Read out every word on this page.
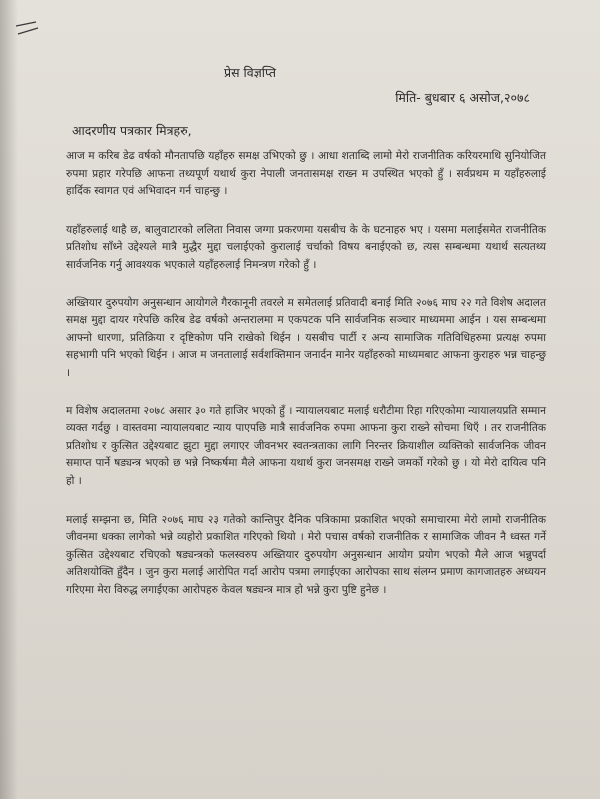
प्रेस विज्ञप्ति
मिति- बुधबार ६ असोज,२०७८
आदरणीय पत्रकार मित्रहरु,

आज म करिब डेढ वर्षको मौनतापछि यहाँहरु समक्ष उभिएको छु । आधा शताब्दि लामो मेरो राजनीतिक करियरमाथि सुनियोजित रुपमा प्रहार गरेपछि आफना तथ्यपूर्ण यथार्थ कुरा नेपाली जनतासमक्ष राख्न म उपस्थित भएको हुँ । सर्वप्रथम म यहाँहरुलाई हार्दिक स्वागत एवं अभिवादन गर्न चाहन्छु ।

यहाँहरुलाई थाहै छ, बालुवाटारको ललिता निवास जग्गा प्रकरणमा यसबीच के के घटनाहरु भए । यसमा मलाईसमेत राजनीतिक प्रतिशोध साँध्ने उद्देश्यले मात्रै मुद्धैर मुद्दा चलाईएको कुरालाई चर्चाको विषय बनाईएको छ, त्यस सम्बन्धमा यथार्थ सत्यतथ्य सार्वजनिक गर्नु आवश्यक भएकाले यहाँहरुलाई निमन्त्रण गरेको हुँ ।

अख्तियार दुरुपयोग अनुसन्धान आयोगले गैरकानूनी तवरले म समेतलाई प्रतिवादी बनाई मिति २०७६ माघ २२ गते विशेष अदालत समक्ष मुद्दा दायर गरेपछि करिब डेढ वर्षको अन्तरालमा म एकपटक पनि सार्वजनिक सञ्चार माध्यममा आईन । यस सम्बन्धमा आफ्नो धारणा, प्रतिक्रिया र दृष्टिकोण पनि राखेको थिईन । यसबीच पार्टी र अन्य सामाजिक गतिविधिहरुमा प्रत्यक्ष रुपमा सहभागी पनि भएको थिईन । आज म जनतालाई सर्वशक्तिमान जनार्दन मानेर यहाँहरुको माध्यमबाट आफना कुराहरु भन्न चाहन्छु ।

म विशेष अदालतमा २०७८ असार ३० गते हाजिर भएको हुँ । न्यायालयबाट मलाई धरौटीमा रिहा गरिएकोमा न्यायालयप्रति सम्मान व्यक्त गर्दछु । वास्तवमा न्यायालयबाट न्याय पाएपछि मात्रै सार्वजनिक रुपमा आफना कुरा राख्ने सोचमा थिएँ । तर राजनीतिक प्रतिशोध र कुत्सित उद्देश्यबाट झुटा मुद्दा लगाएर जीवनभर स्वतन्त्रताका लागि निरन्तर क्रियाशील व्यक्तिको सार्वजनिक जीवन समाप्त पार्ने षड्यन्त्र भएको छ भन्ने निष्कर्षमा मैले आफना यथार्थ कुरा जनसमक्ष राख्ने जमर्को गरेको छु । यो मेरो दायित्व पनि हो ।

मलाई सम्झना छ, मिति २०७६ माघ २३ गतेको कान्तिपुर दैनिक पत्रिकामा प्रकाशित भएको समाचारमा मेरो लामो राजनीतिक जीवनमा धक्का लागेको भन्ने व्यहोरो प्रकाशित गरिएको थियो । मेरो पचास वर्षको राजनीतिक र सामाजिक जीवन नै ध्वस्त गर्ने कुत्सित उद्देश्यबाट रचिएको षड्यन्त्रको फलस्वरुप अख्तियार दुरुपयोग अनुसन्धान आयोग प्रयोग भएको मैले आज भन्नुपर्दा अतिशयोक्ति हुँदैन । जुन कुरा मलाई आरोपित गर्दा आरोप पत्रमा लगाईएका आरोपका साथ संलग्न प्रमाण कागजातहरु अध्ययन गरिएमा मेरा विरुद्ध लगाईएका आरोपहरु केवल षड्यन्त्र मात्र हो भन्ने कुरा पुष्टि हुनेछ ।
